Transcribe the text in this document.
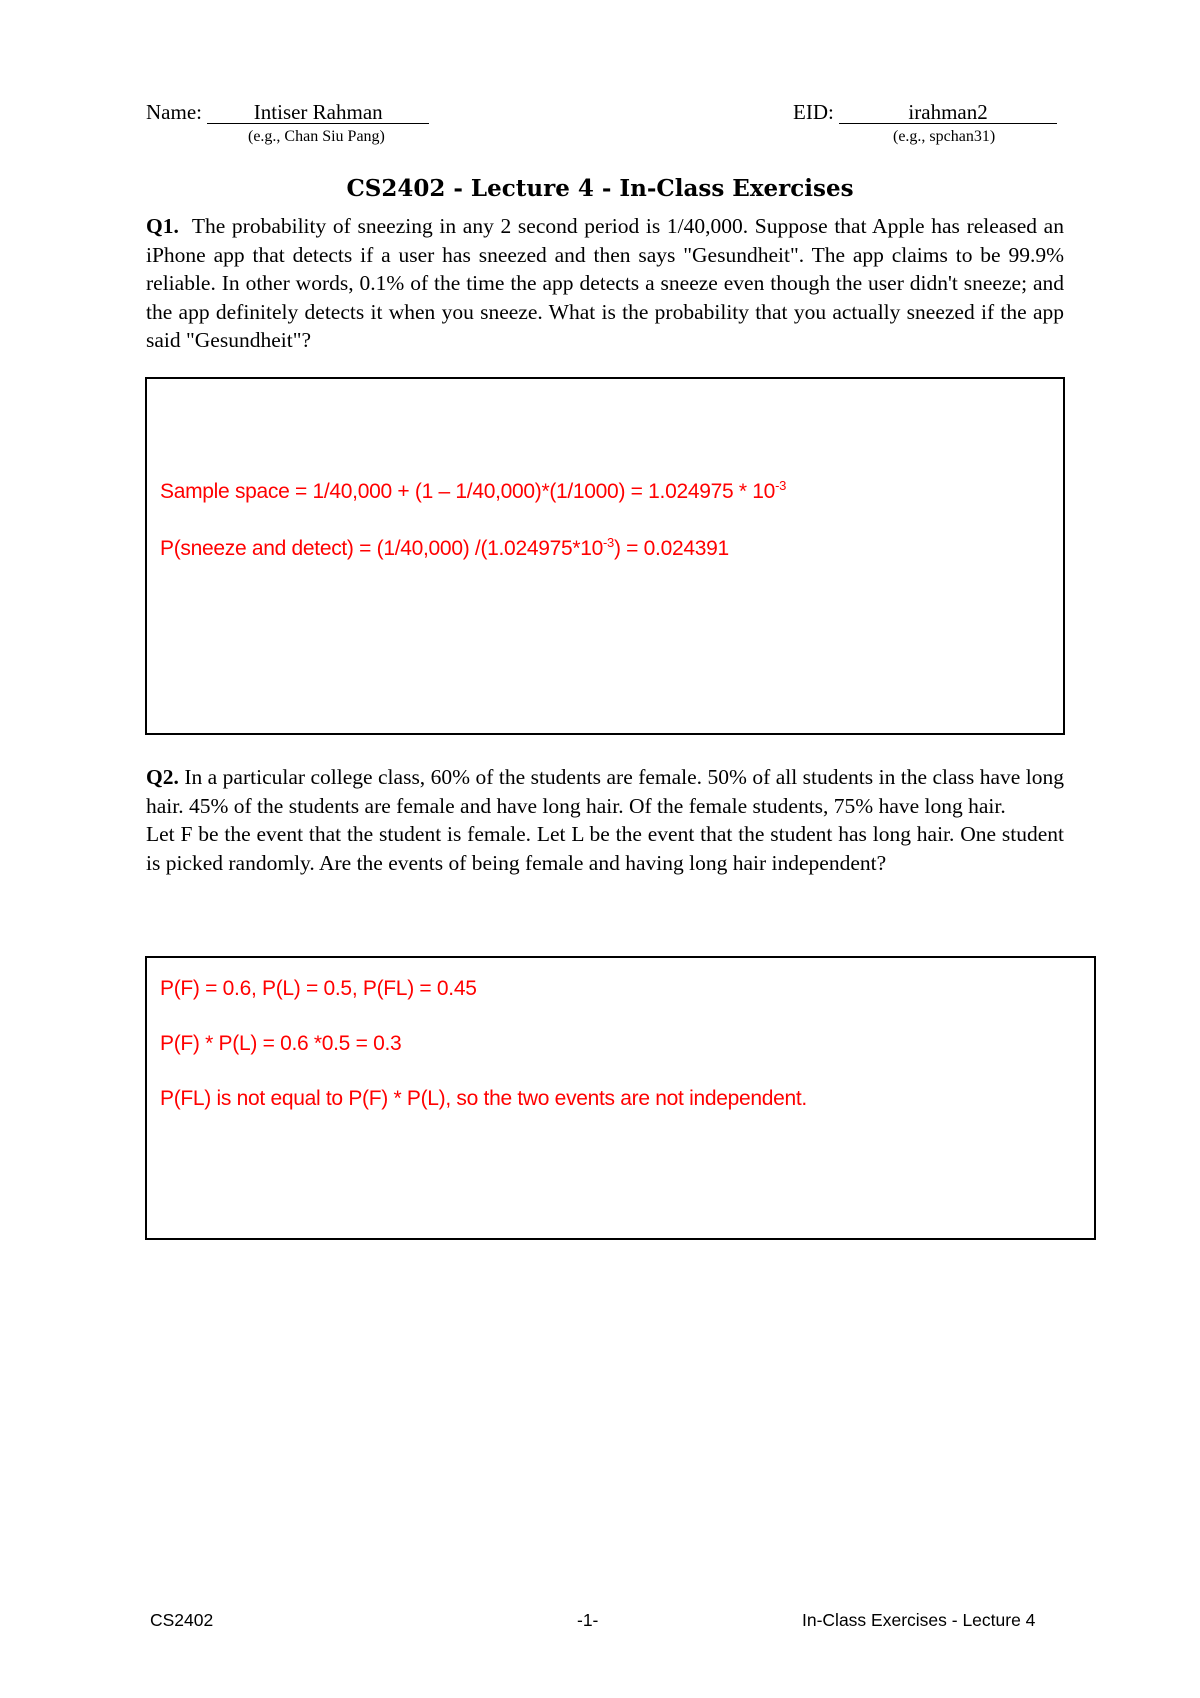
Name: Intiser Rahman	EID:	irahman2
(e.g., Chan Siu Pang)	(e.g., spchan31)
CS2402 - Lecture 4 - In-Class Exercises

Q1. The probability of sneezing in any 2 second period is 1/40,000. Suppose that Apple has released an iPhone app that detects if a user has sneezed and then says "Gesundheit". The app claims to be 99.9% reliable. In other words, 0.1% of the time the app detects a sneeze even though the user didn't sneeze; and the app definitely detects it when you sneeze. What is the probability that you actually sneezed if the app said "Gesundheit"?

Sample space = $1/40,000 + (1 - 1/40,000)*(1/1000) = 1.024975 * 10^{-3}$
P(sneeze and detect) = (1/40,000) $/(1.024975*10^{-3}) = 0.024391$

Q2. In a particular college class, 60% of the students are female. 50% of all students in the class have long hair. 45% of the students are female and have long hair. Of the female students, 75% have long hair.

Let F be the event that the student is female. Let L be the event that the student has long hair. One student is picked randomly. Are the events of being female and having long hair independent?

P(F) = 0.6, P(L) = 0.5, P(FL) = 0.45
P(F) * P(L) = 0.6 *0.5 = 0.3
P(FL) is not equal to P(F) * P(L), so the two events are not independent.
CS2402	-1-	In-Class Exercises - Lecture 4
